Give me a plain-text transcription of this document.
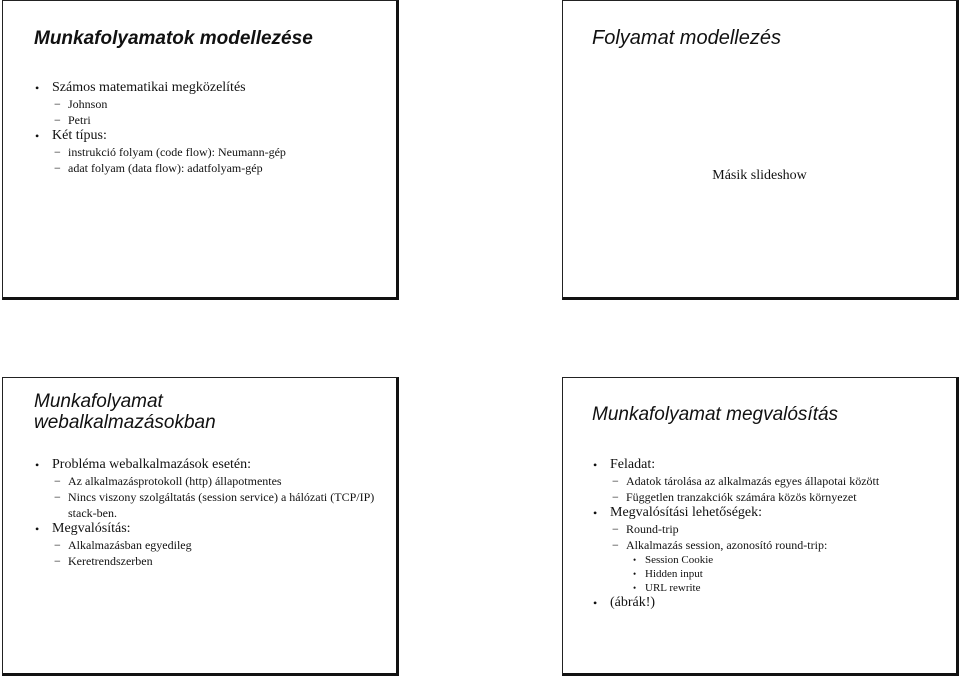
Munkafolyamatok modellezése
• Számos matematikai megközelítés
− Johnson
− Petri
• Két típus:
− instrukció folyam (code flow): Neumann-gép
− adat folyam (data flow): adatfolyam-gép
Folyamat modellezés
Másik slideshow
Munkafolyamat
webalkalmazásokban
• Probléma webalkalmazások esetén:
− Az alkalmazásprotokoll (http) állapotmentes
− Nincs viszony szolgáltatás (session service) a hálózati (TCP/IP) stack-ben.
• Megvalósítás:
− Alkalmazásban egyedileg
− Keretrendszerben
Munkafolyamat megvalósítás
• Feladat:
− Adatok tárolása az alkalmazás egyes állapotai között
− Független tranzakciók számára közös környezet
• Megvalósítási lehetőségek:
− Round-trip
− Alkalmazás session, azonosító round-trip:
• Session Cookie
• Hidden input
• URL rewrite
• (ábrák!)
